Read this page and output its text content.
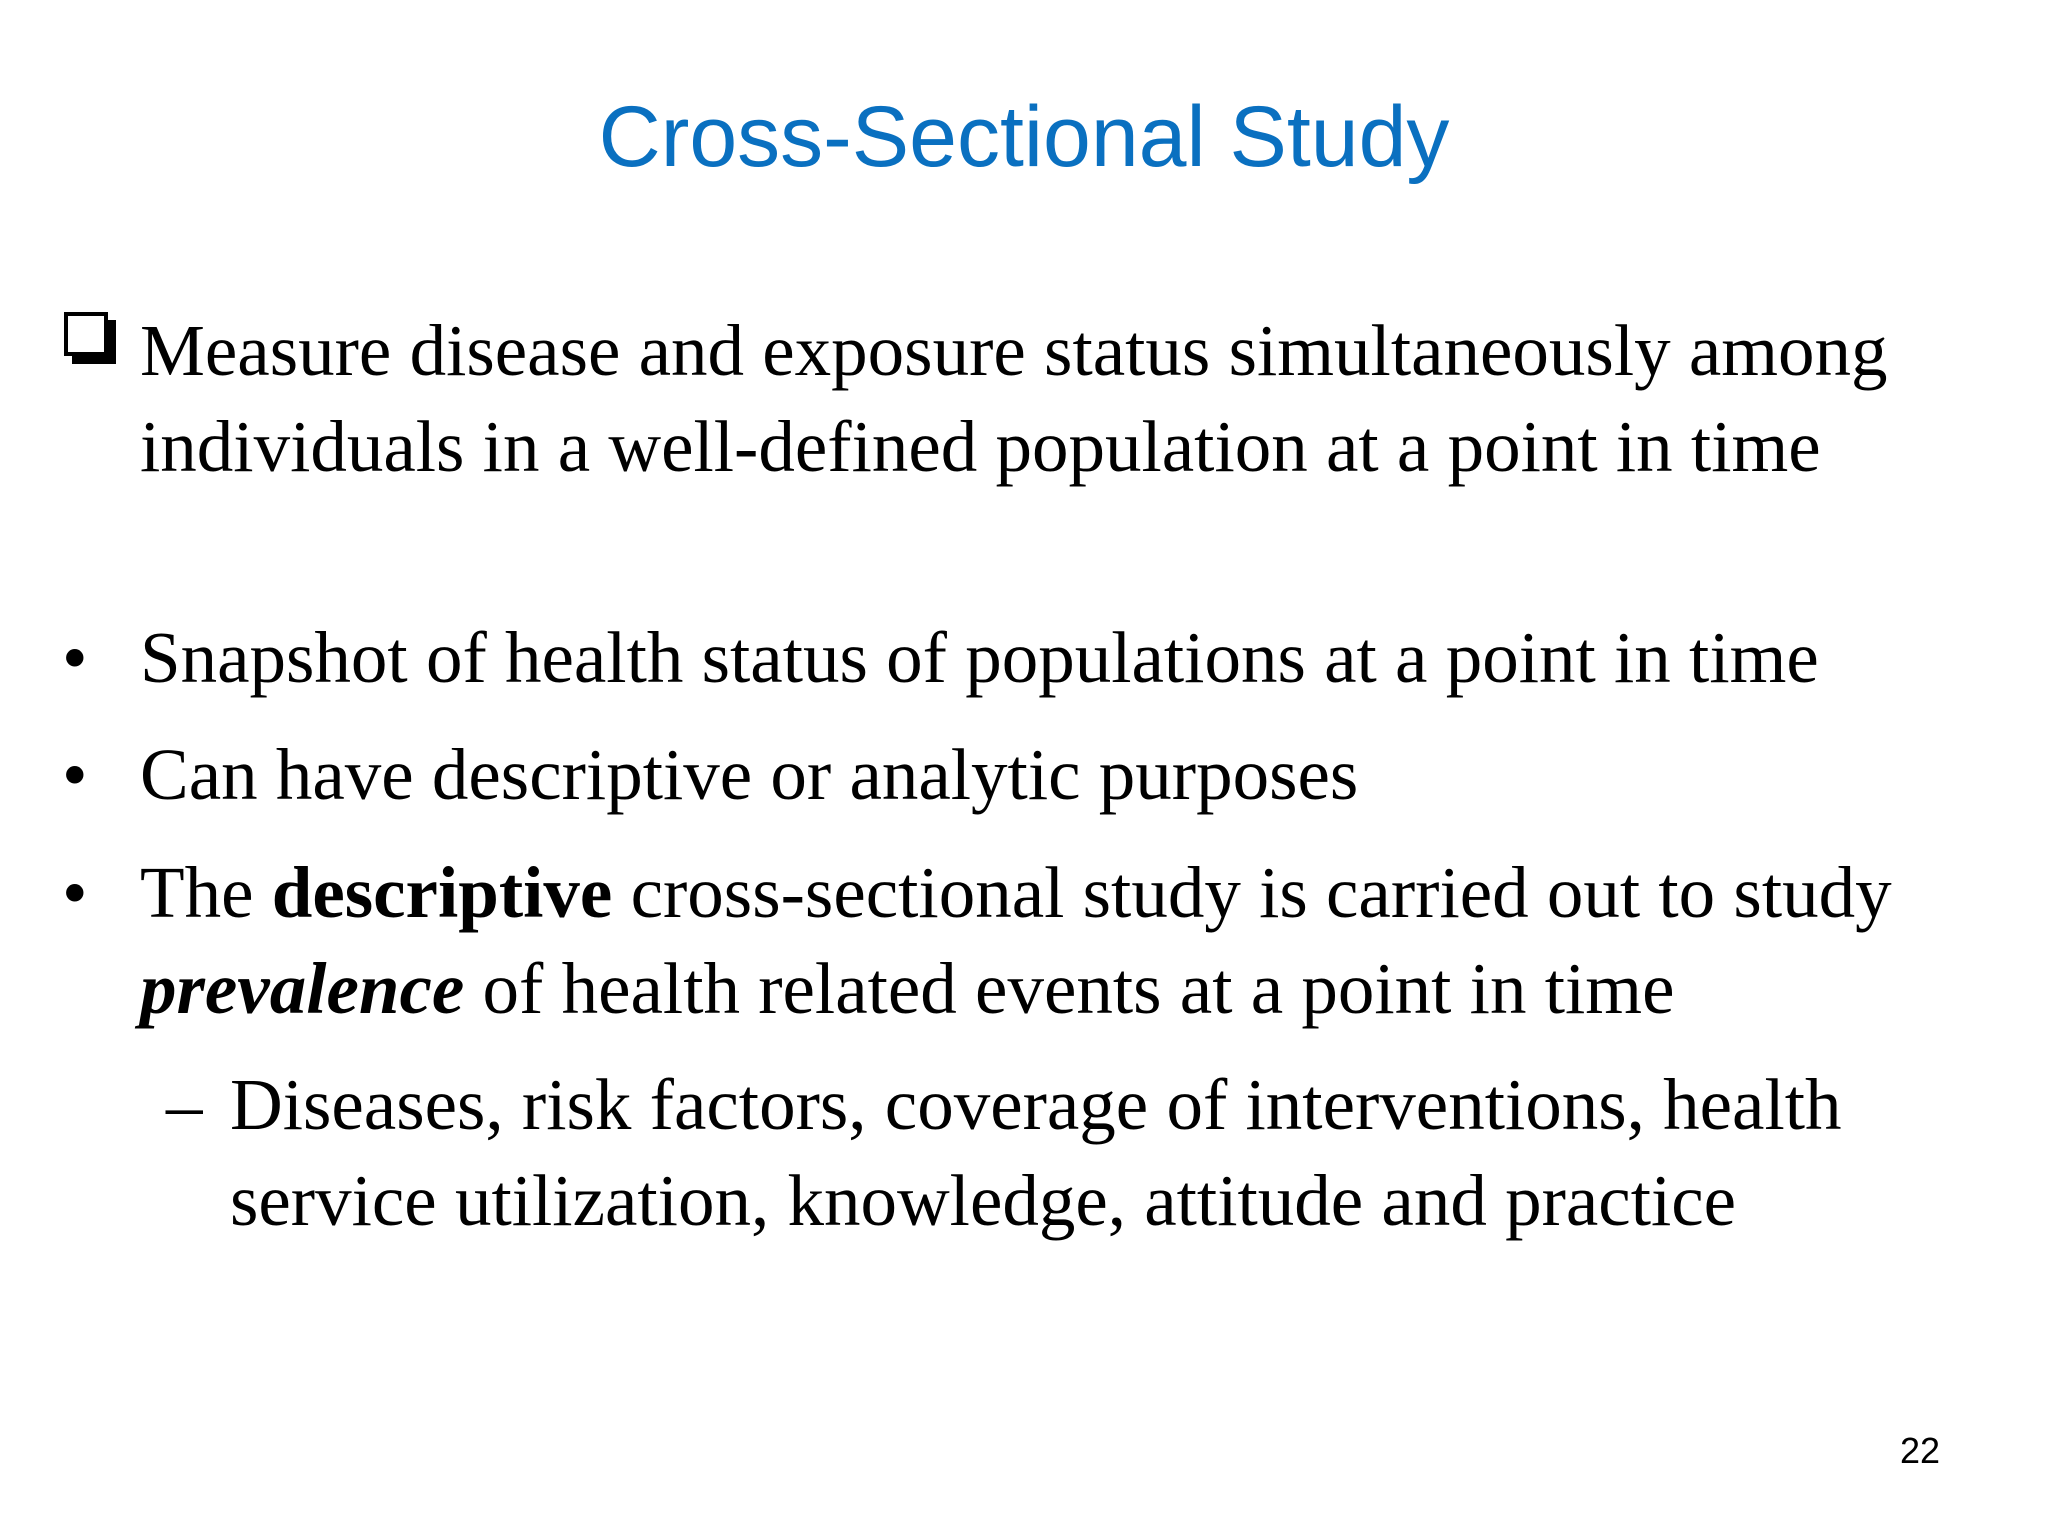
Cross-Sectional Study

Measure disease and exposure status simultaneously among individuals in a well-defined population at a point in time

• Snapshot of health status of populations at a point in time

• Can have descriptive or analytic purposes

• The descriptive cross-sectional study is carried out to study prevalence of health related events at a point in time

– Diseases, risk factors, coverage of interventions, health service utilization, knowledge, attitude and practice

22
